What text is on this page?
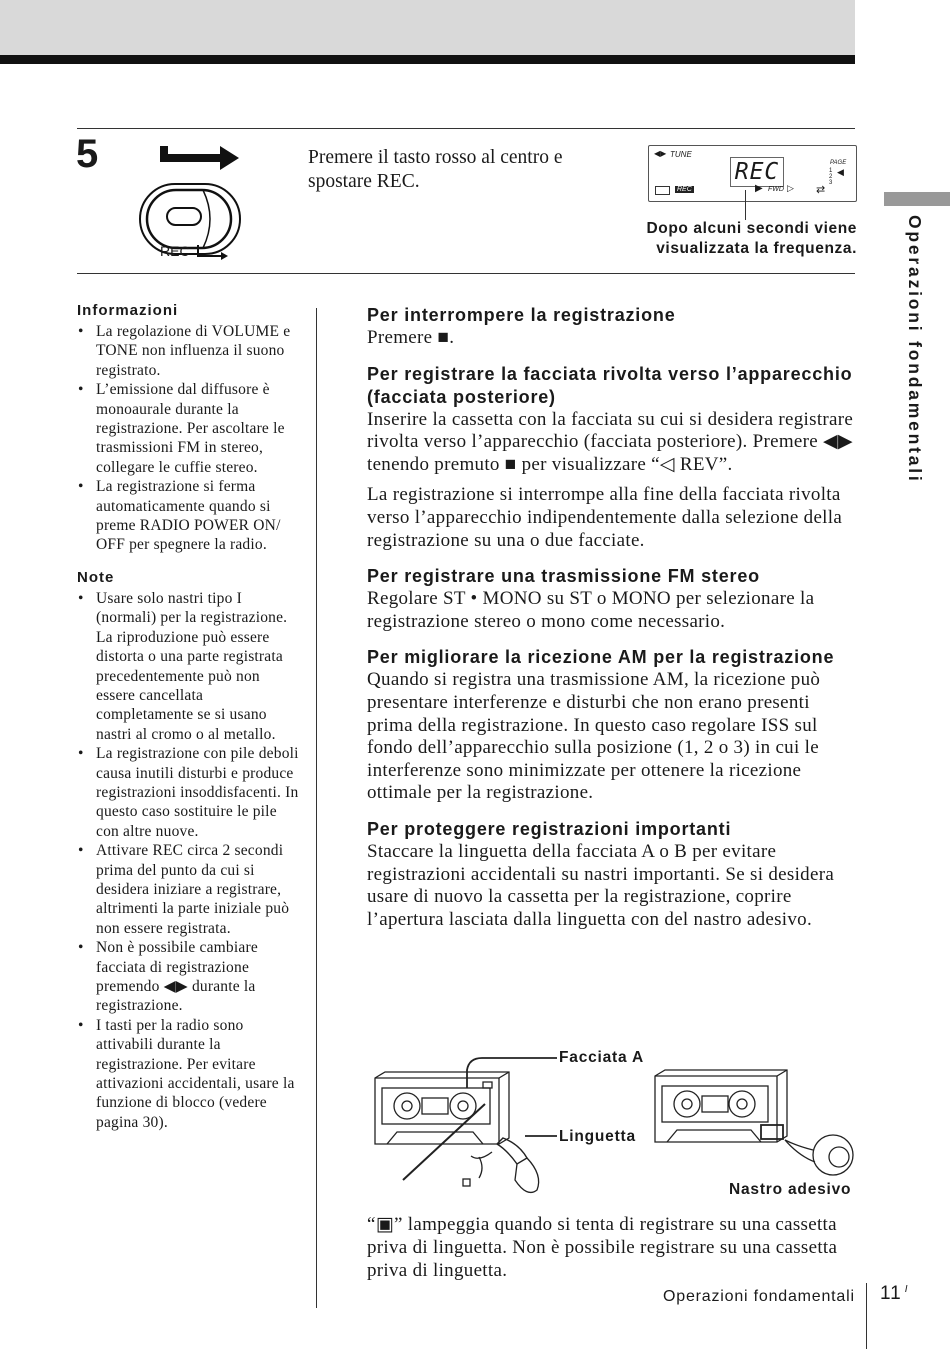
5
REC
Premere il tasto rosso al centro e spostare REC.
◀▶ TUNE
REC	PAGE
1
2
3
◀
REC	▶ FWD ▷ ⇄
Dopo alcuni secondi viene visualizzata la frequenza.	Operazioni fondamentali
Informazioni
• La regolazione di VOLUME e TONE non influenza il suono registrato.
• L’emissione dal diffusore è monoaurale durante la registrazione. Per ascoltare le trasmissioni FM in stereo, collegare le cuffie stereo.
• La registrazione si ferma automaticamente quando si preme RADIO POWER ON/ OFF per spegnere la radio.
Note
• Usare solo nastri tipo I (normali) per la registrazione. La riproduzione può essere distorta o una parte registrata precedentemente può non essere cancellata completamente se si usano nastri al cromo o al metallo.
• La registrazione con pile deboli causa inutili disturbi e produce registrazioni insoddisfacenti. In questo caso sostituire le pile con altre nuove.
• Attivare REC circa 2 secondi prima del punto da cui si desidera iniziare a registrare, altrimenti la parte iniziale può non essere registrata.
• Non è possibile cambiare facciata di registrazione premendo ◀▶ durante la registrazione.
• I tasti per la radio sono attivabili durante la registrazione. Per evitare attivazioni accidentali, usare la funzione di blocco (vedere pagina 30).
Per interrompere la registrazione

Premere ■.

Per registrare la facciata rivolta verso l’apparecchio (facciata posteriore)

Inserire la cassetta con la facciata su cui si desidera registrare rivolta verso l’apparecchio (facciata posteriore). Premere ◀▶ tenendo premuto ■ per visualizzare “◁ REV”.

La registrazione si interrompe alla fine della facciata rivolta verso l’apparecchio indipendentemente dalla selezione della registrazione su una o due facciate.

Per registrare una trasmissione FM stereo

Regolare ST • MONO su ST o MONO per selezionare la registrazione stereo o mono come necessario.

Per migliorare la ricezione AM per la registrazione

Quando si registra una trasmissione AM, la ricezione può presentare interferenze e disturbi che non erano presenti prima della registrazione. In questo caso regolare ISS sul fondo dell’apparecchio sulla posizione (1, 2 o 3) in cui le interferenze sono minimizzate per ottenere la ricezione ottimale per la registrazione.

Per proteggere registrazioni importanti

Staccare la linguetta della facciata A o B per evitare registrazioni accidentali su nastri importanti. Se si desidera usare di nuovo la cassetta per la registrazione, coprire l’apertura lasciata dalla linguetta con del nastro adesivo.

Facciata A
Linguetta
Nastro adesivo
“▣” lampeggia quando si tenta di registrare su una cassetta priva di linguetta. Non è possibile registrare su una cassetta priva di linguetta.
Operazioni fondamentali 11 $^I$
